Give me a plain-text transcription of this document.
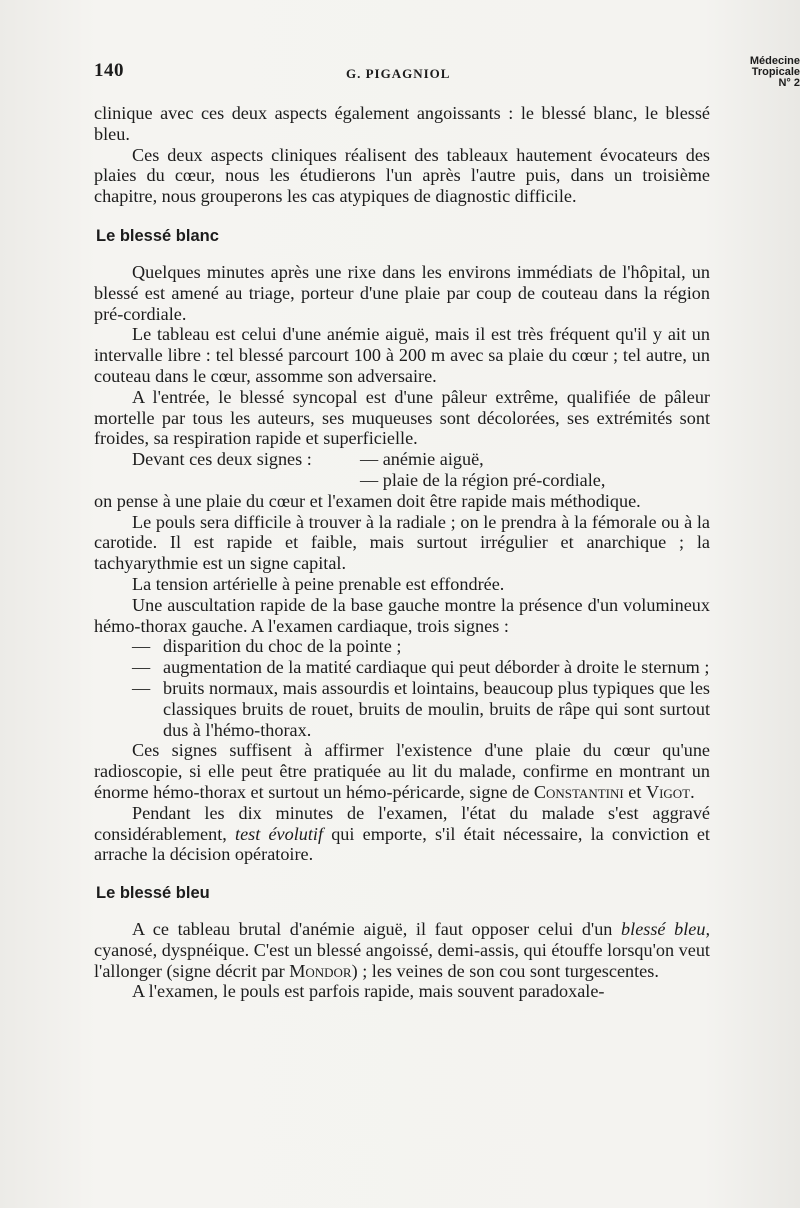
140	G. PIGAGNIOL
Médecine
Tropicale
N° 2

clinique avec ces deux aspects également angoissants : le blessé blanc, le blessé bleu.

Ces deux aspects cliniques réalisent des tableaux hautement évocateurs des plaies du cœur, nous les étudierons l'un après l'autre puis, dans un troisième chapitre, nous grouperons les cas atypiques de diagnostic difficile.

Le blessé blanc

Quelques minutes après une rixe dans les environs immédiats de l'hôpital, un blessé est amené au triage, porteur d'une plaie par coup de couteau dans la région pré-cordiale.

Le tableau est celui d'une anémie aiguë, mais il est très fréquent qu'il y ait un intervalle libre : tel blessé parcourt 100 à 200 m avec sa plaie du cœur ; tel autre, un couteau dans le cœur, assomme son adversaire.

A l'entrée, le blessé syncopal est d'une pâleur extrême, qualifiée de pâleur mortelle par tous les auteurs, ses muqueuses sont décolorées, ses extrémités sont froides, sa respiration rapide et superficielle.

Devant ces deux signes :	— anémie aiguë,
— plaie de la région pré-cordiale,

on pense à une plaie du cœur et l'examen doit être rapide mais méthodique.

Le pouls sera difficile à trouver à la radiale ; on le prendra à la fémorale ou à la carotide. Il est rapide et faible, mais surtout irrégulier et anarchique ; la tachyarythmie est un signe capital.

La tension artérielle à peine prenable est effondrée.

Une auscultation rapide de la base gauche montre la présence d'un volumineux hémo-thorax gauche. A l'examen cardiaque, trois signes :

— disparition du choc de la pointe ;
— augmentation de la matité cardiaque qui peut déborder à droite le sternum ;
— bruits normaux, mais assourdis et lointains, beaucoup plus typiques que les classiques bruits de rouet, bruits de moulin, bruits de râpe qui sont surtout dus à l'hémo-thorax.

Ces signes suffisent à affirmer l'existence d'une plaie du cœur qu'une radioscopie, si elle peut être pratiquée au lit du malade, confirme en montrant un énorme hémo-thorax et surtout un hémo-péricarde, signe de Constantini et Vigot.

Pendant les dix minutes de l'examen, l'état du malade s'est aggravé considérablement, test évolutif qui emporte, s'il était nécessaire, la conviction et arrache la décision opératoire.

Le blessé bleu

A ce tableau brutal d'anémie aiguë, il faut opposer celui d'un blessé bleu, cyanosé, dyspnéique. C'est un blessé angoissé, demi-assis, qui étouffe lorsqu'on veut l'allonger (signe décrit par Mondor) ; les veines de son cou sont turgescentes.

A l'examen, le pouls est parfois rapide, mais souvent paradoxale-
